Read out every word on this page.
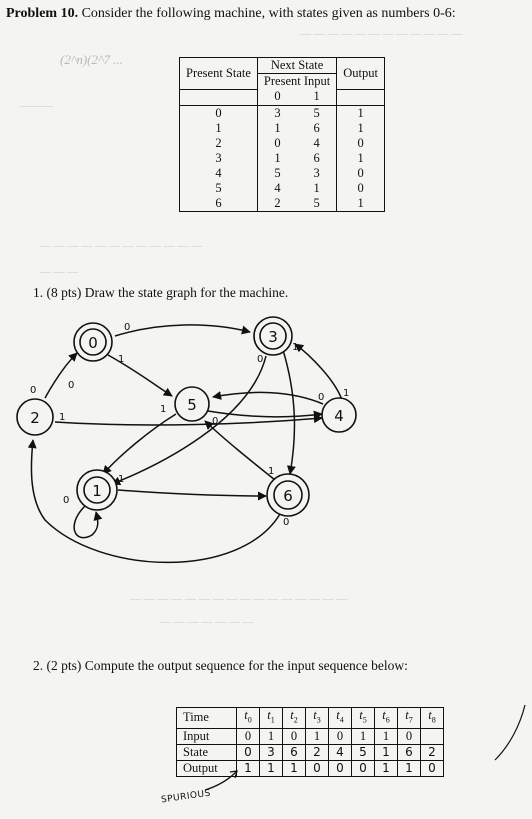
— — — — — — — — — — — —
(2^n)(2^7 ...
———
— — — — — — — — — — — —
— — —
— — — — — — — — — — — — — — — —
— — — — — — —
Problem 10. Consider the following machine, with states given as numbers 0-6:
Present State	Next State		Output
	Present Input		
	0	1	
0	3	5	1
1	1	6	1
2	0	4	0
3	1	6	1
4	5	3	0
5	4	1	0
6	2	5	1
1. (8 pts) Draw the state graph for the machine.
0
0
1
1
0
0
1
1
0
0 1
0
1
1
0
0	3
2
5
4
1	6
2. (2 pts) Compute the output sequence for the input sequence below:
Time	$t_0$	$t_1$	$t_2$	$t_3$	$t_4$	$t_5$	$t_6$	$t_7$	$t_8$
Input	0	1	0	1	0	1	1	0	
State	0	3	6	2	4	5	1	6	2
Output	1	1	1	0	0	0	1	1	0
SPURIOUS
